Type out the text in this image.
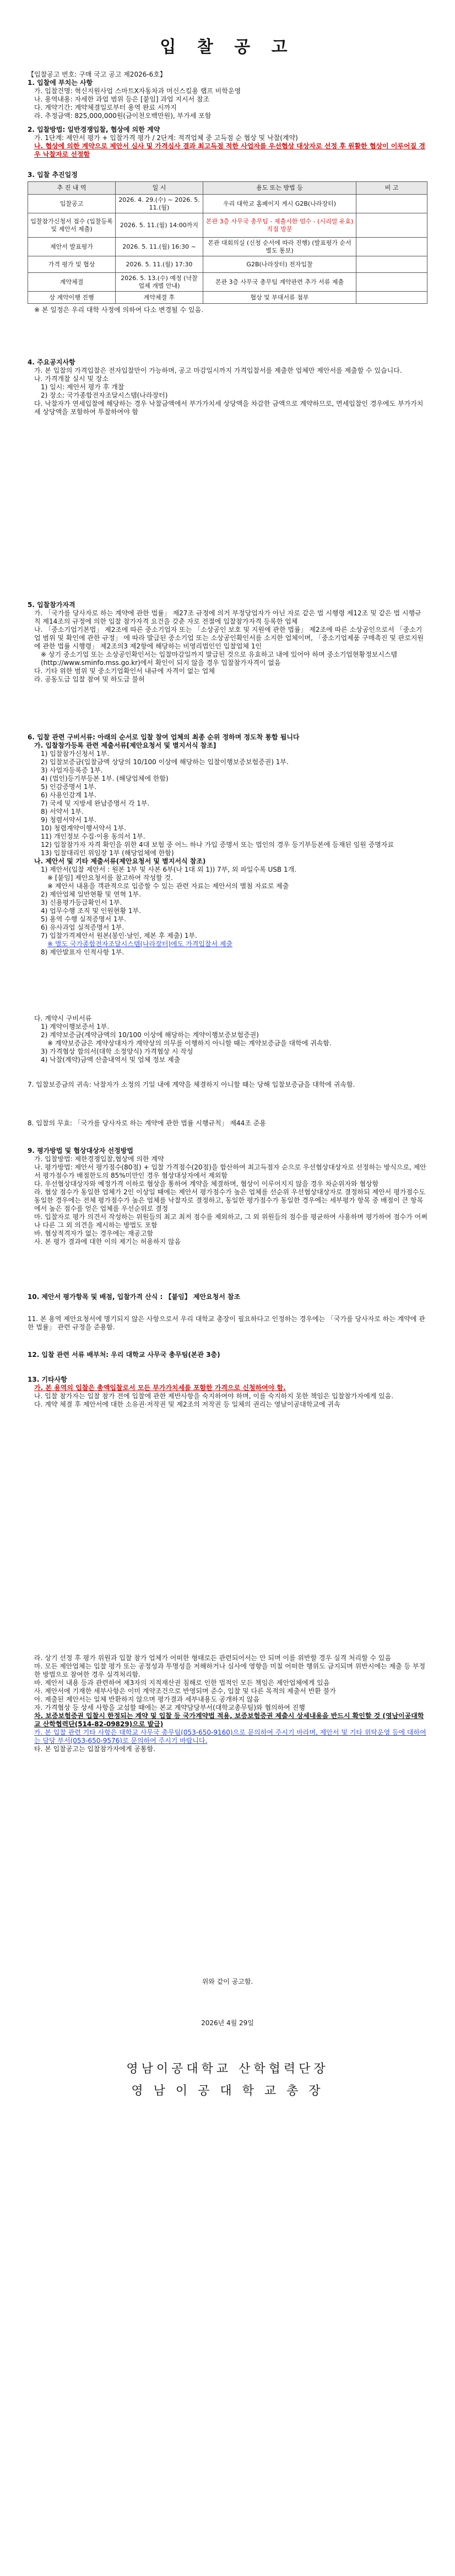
입 찰 공 고

【입찰공고 번호: 구매 국고 공고 제2026-6호】

1. 입찰에 부치는 사항

가. 입찰건명: 혁신지원사업 스마트X자동차과 머신스킬용 랩프 비학운영

나. 용역내용: 자세한 과업 범위 등은 [붙임] 과업 지시서 참조

다. 계약기간: 계약체결일로부터 용역 완료 시까지

라. 추정금액: 825,000,000원(금이천오백만원), 부가세 포함

2. 입찰방법: 일반경쟁입찰, 협상에 의한 계약

가. 1단계: 제안서 평가 + 입찰가격 평가 / 2단계: 적격업체 중 고득점 순 협상 및 낙찰(계약)

나. 협상에 의한 계약으로 제안서 심사 및 가격심사 결과 최고득점 적한 사업자를 우선협상 대상자로 선정 후 원활한 협상이 이루어질 경우 낙찰자로 선정함

3. 입찰 추진일정

추 진 내 역	일 시	용도 또는 방법 등	비 고
입찰공고	2026. 4. 29.(수) ~ 2026. 5. 11.(월)	우리 대학교 홈페이지 게시 G2B(나라장터)	
입찰참가신청서 접수 (입찰등록 및 제안서 제출)	2026. 5. 11.(월) 14:00까지	본관 3층 사무국 총무팀 - 제출시한 엄수 - (시리얼 유효) 직접 방문	
제안서 발표평가	2026. 5. 11.(월) 16:30 ~	본관 대회의실 (신청 순서에 따라 진행) (발표평가 순서 별도 통보)	
가격 평가 및 협상	2026. 5. 11.(월) 17:30	G2B(나라장터) 전자입찰	
계약체결	2026. 5. 13.(수) 예정 (낙찰업체 개별 안내)	본관 3층 사무국 총무팀 계약관련 추가 서류 제출	
상 계약이행 진행	계약체결 후	협상 및 부대서류 첨부	

※ 본 일정은 우리 대학 사정에 의하여 다소 변경될 수 있음.

4. 주요공지사항

가. 본 입찰의 가격입찰은 전자입찰만이 가능하며, 공고 마감일시까지 가격입찰서를 제출한 업체만 제안서를 제출할 수 있습니다.

나. 가격개찰 실시 및 장소

1) 일시: 제안서 평가 후 개찰

2) 장소: 국가종합전자조달시스템(나라장터)

다. 낙찰자가 연세입찰에 해당하는 경우 낙찰금액에서 부가가치세 상당액을 차감한 금액으로 계약하므로, 면세입찰인 경우에도 부가가치세 상당액을 포함하여 투찰하여야 함

5. 입찰참가자격

가. 「국가를 당사자로 하는 계약에 관한 법률」 제27조 규정에 의거 부정당업자가 아닌 자로 같은 법 시행령 제12조 및 같은 법 시행규칙 제14조의 규정에 의한 입찰 참가자격 요건을 갖춘 자로 전절에 입찰참가자격 등록한 업체

나. 「중소기업기본법」 제2조에 따른 중소기업자 또는 「소상공인 보호 및 지원에 관한 법률」 제2조에 따른 소상공인으로서 「중소기업 범위 및 확인에 관한 규정」 에 따라 발급된 중소기업 또는 소상공인확인서를 소지한 업체이며, 「중소기업제품 구매촉진 및 판로지원에 관한 법률 시행령」 제2조의3 제2항에 해당하는 비영리법인인 입찰업체 1인

※ 상기 중소기업 또는 소상공인확인서는 입찰마감일까지 발급된 것으로 유효하고 내에 있어야 하며 중소기업현황정보시스템(http://www.sminfo.mss.go.kr)에서 확인이 되지 않을 경우 입찰참가자격이 없음

다. 기타 위한 범위 및 중소기업확인서 내규에 자격이 없는 업체

라. 공동도급 입찰 참여 및 하도급 불허

6. 입찰 관련 구비서류: 아래의 순서로 입찰 참여 업체의 최종 순위 정하며 정도착 통합 됩니다

가. 입찰참가등록 관련 제출서류[제안요청서 및 별지서식 참조]

1) 입찰참가신청서 1부.

2) 입찰보증금(입찰금액 상당의 10/100 이상에 해당하는 입찰이행보증보험증권) 1부.

3) 사업자등록증 1부.

4) (법인)등기부등본 1부. (해당업체에 한함)

5) 인감증명서 1부.

6) 사용인감계 1부.

7) 국세 및 지방세 완납증명서 각 1부.

8) 서약서 1부.

9) 청렴서약서 1부.

10) 청렴계약이행서약서 1부.

11) 개인정보 수집·이용 동의서 1부.

12) 입찰참가자 자격 확인을 위한 4대 보험 중 어느 하나 가입 증명서 또는 법인의 경우 등기부등본에 등재된 임원 증명자료

13) 입찰대리인 위임장 1부 (해당업체에 한함)

나. 제안서 및 기타 제출서류(제안요청서 및 별지서식 참조)

1) 제안서(입찰 제안서 : 원본 1부 및 사본 6부(나 1대 외 1)) 7부, 외 파일수록 USB 1개.

※ [붙임] 제안요청서를 참고하여 작성할 것.

※ 제안서 내용을 객관적으로 입증할 수 있는 관련 자료는 제안서의 별첨 자료로 제출

2) 제안업체 일반현황 및 연혁 1부.

3) 신용평가등급확인서 1부.

4) 업무수행 조직 및 인원현황 1부.

5) 용역 수행 실적증명서 1부.

6) 유사과업 실적증명서 1부.

7) 입찰가격제안서 원본(봉인·날인, 제본 후 제출) 1부.

※ 별도 국가종합전자조달시스템(나라장터)에도 가격입찰서 제출

8) 제안발표자 인적사항 1부.

다. 계약시 구비서류

1) 계약이행보증서 1부.

2) 계약보증금(계약금액의 10/100 이상에 해당하는 계약이행보증보험증권)

※ 계약보증금은 계약상대자가 계약상의 의무를 이행하지 아니할 때는 계약보증금을 대학에 귀속함.

3) 가격협상 합의서(대학 소정양식) 가격협상 시 작성

4) 낙찰(계약)금액 산출내역서 및 업체 정보 제출

7. 입찰보증금의 귀속: 낙찰자가 소정의 기일 내에 계약을 체결하지 아니할 때는 당해 입찰보증금을 대학에 귀속함.

8. 입찰의 무효: 「국가를 당사자로 하는 계약에 관한 법률 시행규칙」 제44조 준용

9. 평가방법 및 협상대상자 선정방법

가. 입찰방법: 제한경쟁입찰,협상에 의한 계약

나. 평가방법: 제안서 평가점수(80점) + 입찰 가격점수(20점)을 합산하여 최고득점자 순으로 우선협상대상자로 선정하는 방식으로, 제안서 평가점수가 배점한도의 85%미만인 경우 협상대상자에서 제외함

다. 우선협상대상자와 예정가격 이하로 협상을 통하여 계약을 체결하며, 협상이 이루어지지 않을 경우 차순위자와 협상함

라. 협상 점수가 동일한 업체가 2인 이상일 때에는 제안서 평가점수가 높은 업체를 선순위 우선협상대상자로 결정하되 제안서 평가점수도 동일한 경우에는 전체 평가점수가 높은 업체를 낙찰자로 결정하고, 동일한 평가점수가 동일한 경우에는 세부평가 항목 중 배점이 큰 항목에서 높은 점수를 얻은 업체를 우선순위로 결정

마. 입찰자로 평가 의견서 작성하는 위원들의 최고 최저 점수를 제외하고, 그 외 위원들의 점수를 평균하여 사용하며 평가하여 점수가 어쩌나 다른 그 외 의견을 제시하는 방법도 포함

바. 협상적격자가 없는 경우에는 재공고함

사. 본 평가 결과에 대한 이의 제기는 허용하지 않음

10. 제안서 평가항목 및 배점, 입찰가격 산식 : 【붙임】 제안요청서 참조

11. 본 용역 제안요청서에 명기되지 않은 사항으로서 우리 대학교 총장이 필요하다고 인정하는 경우에는 「국가를 당사자로 하는 계약에 관한 법률」 관련 규정을 준용함.

12. 입찰 관련 서류 배부처: 우리 대학교 사무국 총무팀(본관 3층)

13. 기타사항

가. 본 용역의 입찰은 총액입찰로서 모든 부가가치세를 포함한 가격으로 신청하여야 함.

나. 입찰 참가자는 입찰 참가 전에 입찰에 관한 제반사항을 숙지하여야 하며, 이를 숙지하지 못한 책임은 입찰참가자에게 있음.

다. 계약 체결 후 제안서에 대한 소유권·저작권 및 제2조의 저작권 등 일체의 권리는 영남이공대학교에 귀속

라. 상기 선정 후 평가 위원과 입찰 참가 업체가 어떠한 형태로든 관련되어서는 안 되며 이를 위반할 경우 실격 처리할 수 있음

마. 모든 제안업체는 입찰 평가 또는 공정성과 투명성을 저해하거나 심사에 영향을 미칠 어떠한 행위도 금지되며 위반시에는 제출 등 부정한 방법으로 참여한 경우 실격처리함.

바. 제안서 내용 등과 관련하여 제3자의 지적재산권 침해로 인한 법적인 모든 책임은 제안업체에게 있음

사. 제안서에 기재한 세부사항은 이미 계약조건으로 반영되며 준수, 입찰 및 다른 목적의 제출서 반환 불가

아. 제출된 제안서는 일체 반환하지 않으며 평가결과 세부내용도 공개하지 않음

자. 가격협상 등 상세 사항을 교섭할 때에는 본교 계약담당부서(대학교총무팀)와 협의하여 진행

차. 보증보험증권 입찰시 한정되는 계약 및 입찰 등 국가계약법 적용, 보증보험증권 제출시 상세내용을 반드시 확인할 것 (영남이공대학교 산학협력단(514-82-09829)으로 발급)

카. 본 입찰 관련 기타 사항은 대학교 사무국 총무팀(053-650-9160)으로 문의하여 주시기 바라며, 제안서 및 기타 위탁운영 등에 대하여는 담당 부서(053-650-9576)로 문의하여 주시기 바랍니다.

타. 본 입찰공고는 입찰참가자에게 공통함.

위와 같이 공고함.
2026년 4월 29일
영남이공대학교 산학협력단장
영 남 이 공 대 학 교 총 장
